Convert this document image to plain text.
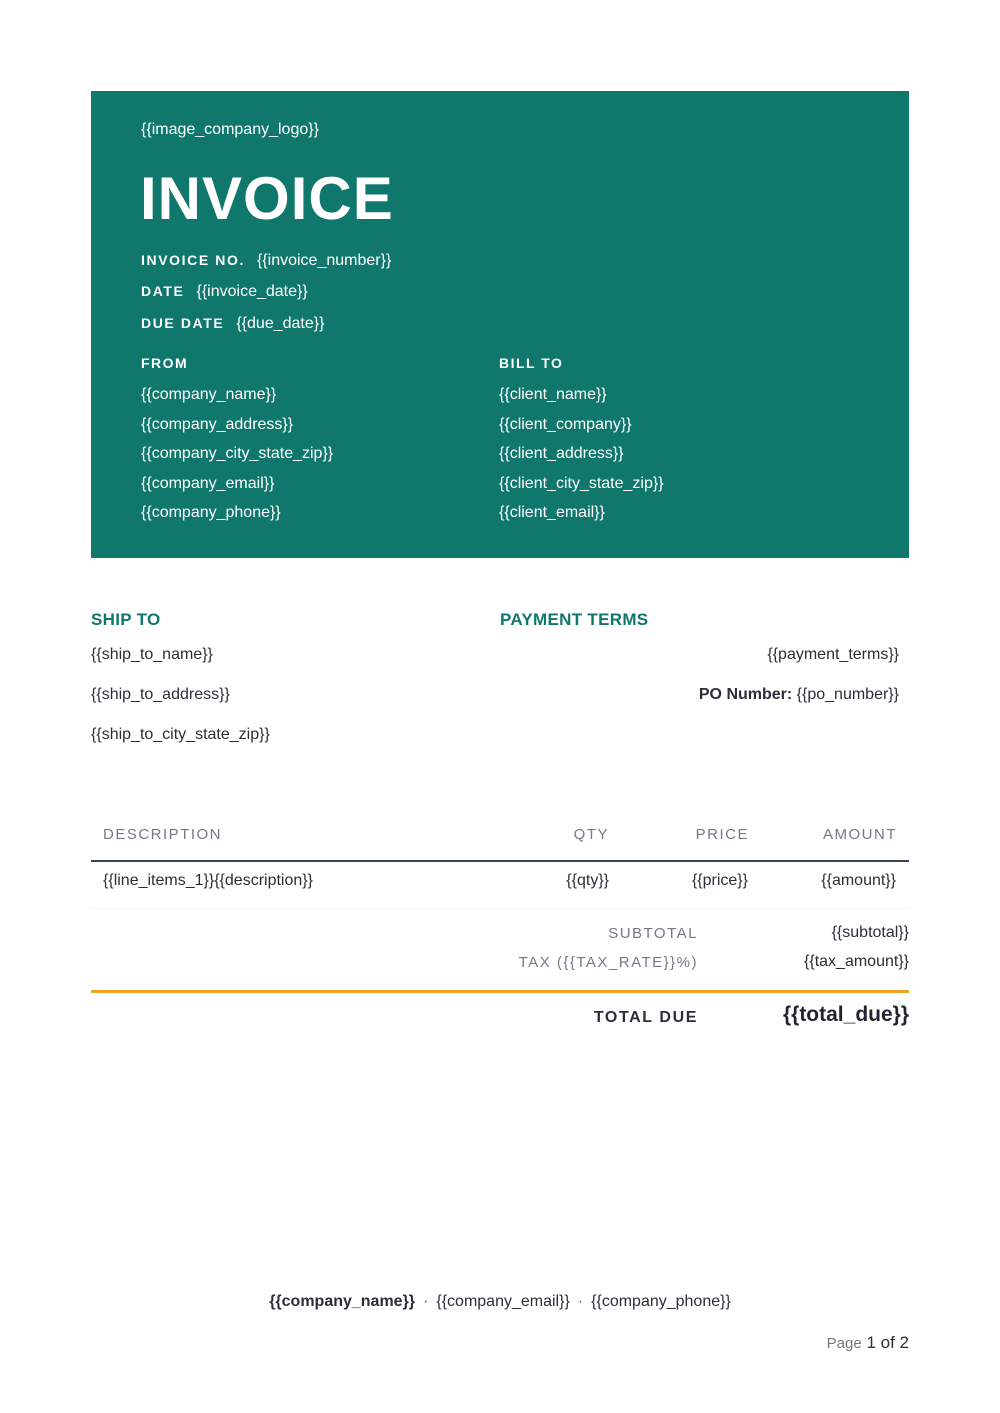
{{image_company_logo}}
INVOICE
INVOICE NO. {{invoice_number}}
DATE {{invoice_date}}
DUE DATE {{due_date}}
FROM
{{company_name}}
{{company_address}}
{{company_city_state_zip}}
{{company_email}}
{{company_phone}}
BILL TO
{{client_name}}
{{client_company}}
{{client_address}}
{{client_city_state_zip}}
{{client_email}}
SHIP TO
{{ship_to_name}}
{{ship_to_address}}
{{ship_to_city_state_zip}}
PAYMENT TERMS
{{payment_terms}}
PO Number: {{po_number}}
DESCRIPTION	QTY	PRICE	AMOUNT
{{line_items_1}}{{description}}	{{qty}}	{{price}}	{{amount}}
SUBTOTAL	{{subtotal}}
TAX ({{TAX_RATE}}%)	{{tax_amount}}
TOTAL DUE	{{total_due}}
{{company_name}} · {{company_email}} · {{company_phone}}
Page 1 of 2
